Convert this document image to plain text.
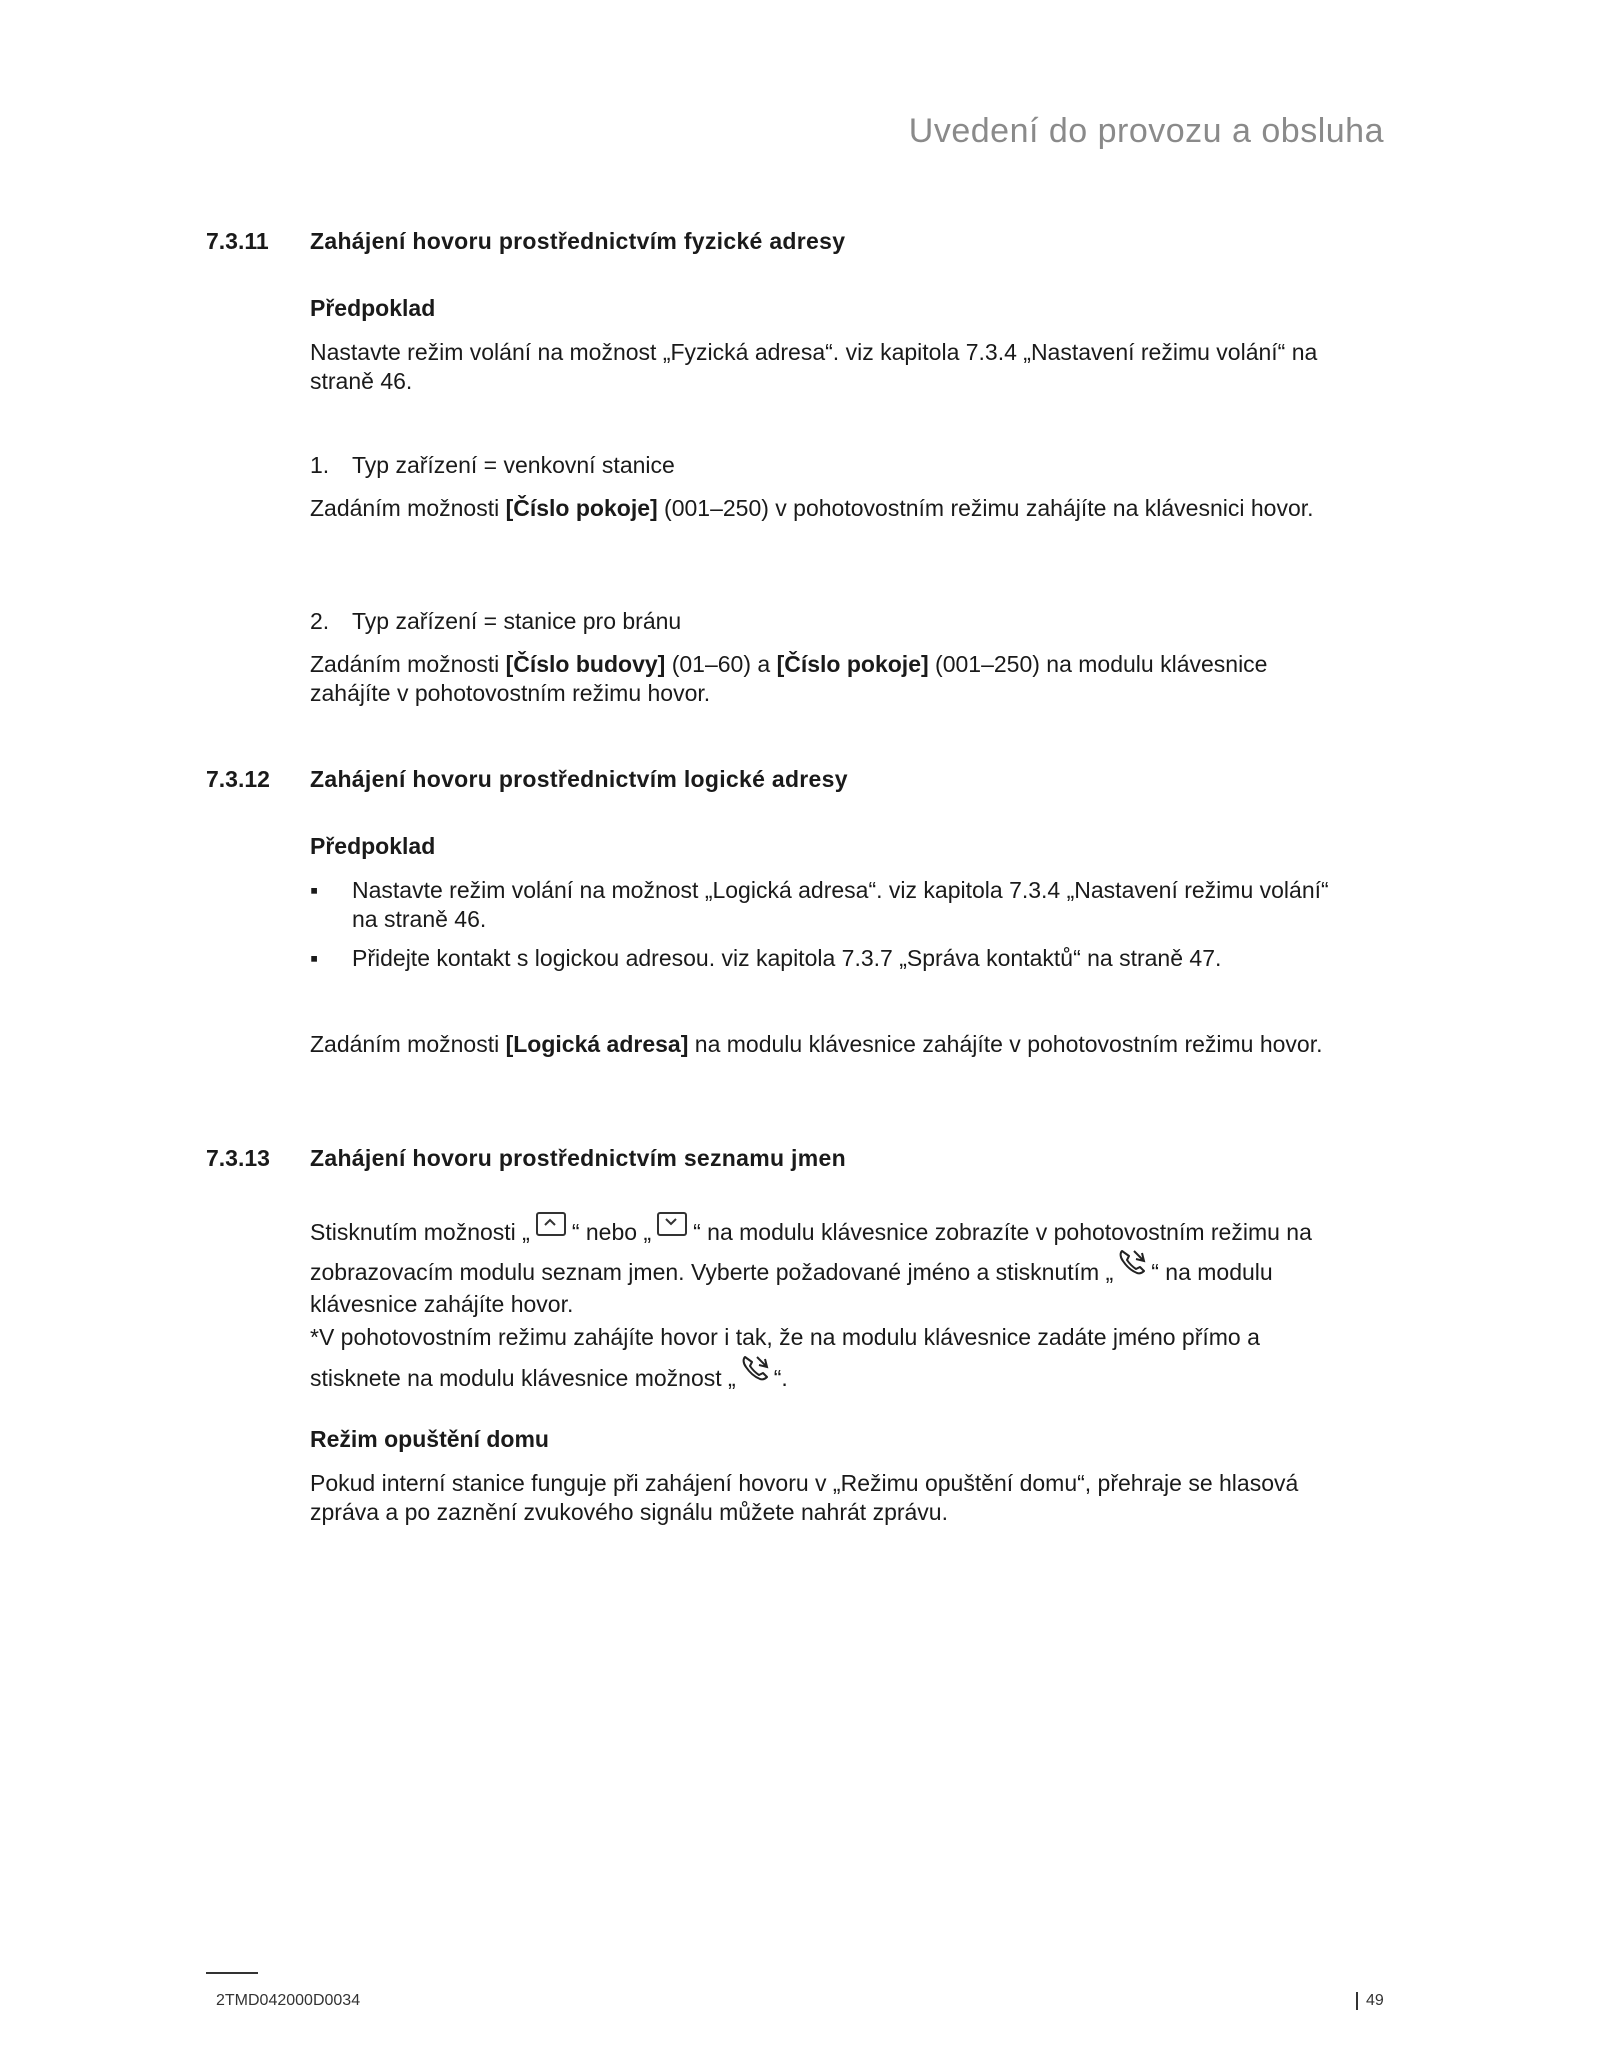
Uvedení do provozu a obsluha
7.3.11 Zahájení hovoru prostřednictvím fyzické adresy
Předpoklad
Nastavte režim volání na možnost „Fyzická adresa“. viz kapitola 7.3.4 „Nastavení režimu volání“ na straně 46.
1. Typ zařízení = venkovní stanice
Zadáním možnosti [Číslo pokoje] (001–250) v pohotovostním režimu zahájíte na klávesnici hovor.
2. Typ zařízení = stanice pro bránu
Zadáním možnosti [Číslo budovy] (01–60) a [Číslo pokoje] (001–250) na modulu klávesnice zahájíte v pohotovostním režimu hovor.
7.3.12 Zahájení hovoru prostřednictvím logické adresy
Předpoklad
▪	Nastavte režim volání na možnost „Logická adresa“. viz kapitola 7.3.4 „Nastavení režimu volání“ na straně 46.
▪	Přidejte kontakt s logickou adresou. viz kapitola 7.3.7 „Správa kontaktů“ na straně 47.
Zadáním možnosti [Logická adresa] na modulu klávesnice zahájíte v pohotovostním režimu hovor.
7.3.13 Zahájení hovoru prostřednictvím seznamu jmen
Stisknutím možnosti „ “ nebo „ “ na modulu klávesnice zobrazíte v pohotovostním režimu na zobrazovacím modulu seznam jmen. Vyberte požadované jméno a stisknutím „ “ na modulu klávesnice zahájíte hovor.
*V pohotovostním režimu zahájíte hovor i tak, že na modulu klávesnice zadáte jméno přímo a stisknete na modulu klávesnice možnost „ “.
Režim opuštění domu
Pokud interní stanice funguje při zahájení hovoru v „Režimu opuštění domu“, přehraje se hlasová zpráva a po zaznění zvukového signálu můžete nahrát zprávu.
2TMD042000D0034	49
